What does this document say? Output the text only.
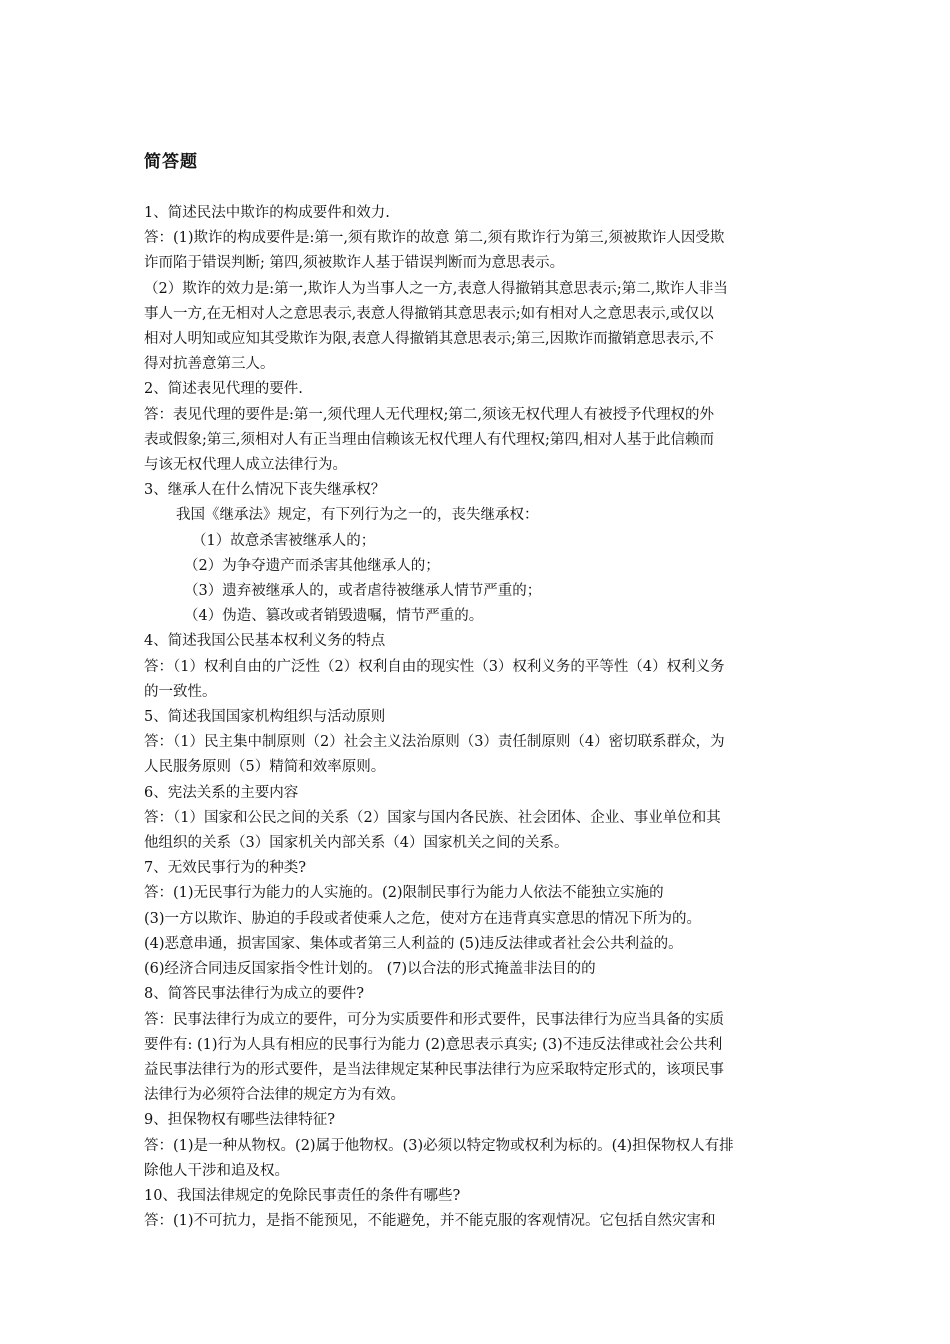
简答题

1、简述民法中欺诈的构成要件和效力.

答：(1)欺诈的构成要件是:第一,须有欺诈的故意 第二,须有欺诈行为第三,须被欺诈人因受欺

诈而陷于错误判断; 第四,须被欺诈人基于错误判断而为意思表示。

（2）欺诈的效力是:第一,欺诈人为当事人之一方,表意人得撤销其意思表示;第二,欺诈人非当

事人一方,在无相对人之意思表示,表意人得撤销其意思表示;如有相对人之意思表示,或仅以

相对人明知或应知其受欺诈为限,表意人得撤销其意思表示;第三,因欺诈而撤销意思表示,不

得对抗善意第三人。

2、简述表见代理的要件.

答：表见代理的要件是:第一,须代理人无代理权;第二,须该无权代理人有被授予代理权的外

表或假象;第三,须相对人有正当理由信赖该无权代理人有代理权;第四,相对人基于此信赖而

与该无权代理人成立法律行为。

3、继承人在什么情况下丧失继承权？

我国《继承法》规定，有下列行为之一的，丧失继承权：

（1）故意杀害被继承人的；

（2）为争夺遗产而杀害其他继承人的；

（3）遗弃被继承人的，或者虐待被继承人情节严重的；

（4）伪造、篡改或者销毁遗嘱，情节严重的。

4、简述我国公民基本权利义务的特点

答：（1）权利自由的广泛性（2）权利自由的现实性（3）权利义务的平等性（4）权利义务

的一致性。

5、简述我国国家机构组织与活动原则

答：（1）民主集中制原则（2）社会主义法治原则（3）责任制原则（4）密切联系群众，为

人民服务原则（5）精简和效率原则。

6、宪法关系的主要内容

答：（1）国家和公民之间的关系（2）国家与国内各民族、社会团体、企业、事业单位和其

他组织的关系（3）国家机关内部关系（4）国家机关之间的关系。

7、无效民事行为的种类?

答：(1)无民事行为能力的人实施的。(2)限制民事行为能力人依法不能独立实施的

(3)一方以欺诈、胁迫的手段或者使乘人之危，使对方在违背真实意思的情况下所为的。

(4)恶意串通，损害国家、集体或者第三人利益的 (5)违反法律或者社会公共利益的。

(6)经济合同违反国家指令性计划的。 (7)以合法的形式掩盖非法目的的

8、简答民事法律行为成立的要件?

答：民事法律行为成立的要件，可分为实质要件和形式要件，民事法律行为应当具备的实质

要件有: (1)行为人具有相应的民事行为能力 (2)意思表示真实; (3)不违反法律或社会公共利

益民事法律行为的形式要件，是当法律规定某种民事法律行为应采取特定形式的，该项民事

法律行为必须符合法律的规定方为有效。

9、担保物权有哪些法律特征?

答：(1)是一种从物权。(2)属于他物权。(3)必须以特定物或权利为标的。(4)担保物权人有排

除他人干涉和追及权。

10、我国法律规定的免除民事责任的条件有哪些?

答：(1)不可抗力，是指不能预见，不能避免，并不能克服的客观情况。它包括自然灾害和
